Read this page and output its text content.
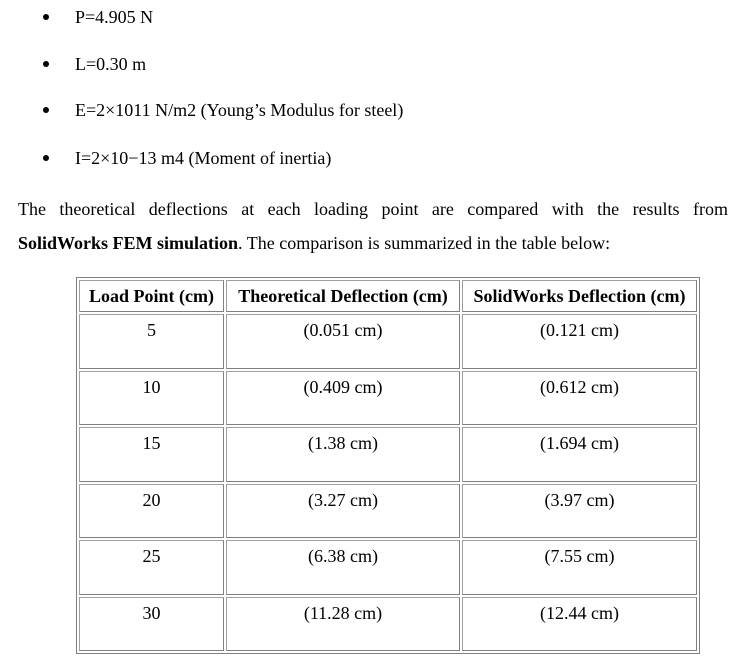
P=4.905 N
L=0.30 m
E=2×1011 N/m2 (Young’s Modulus for steel)
I=2×10−13 m4 (Moment of inertia)
The theoretical deflections at each loading point are compared with the results from
SolidWorks FEM simulation. The comparison is summarized in the table below:
Load Point (cm)	Theoretical Deflection (cm)	SolidWorks Deflection (cm)
5	(0.051 cm)	(0.121 cm)
10	(0.409 cm)	(0.612 cm)
15	(1.38 cm)	(1.694 cm)
20	(3.27 cm)	(3.97 cm)
25	(6.38 cm)	(7.55 cm)
30	(11.28 cm)	(12.44 cm)
